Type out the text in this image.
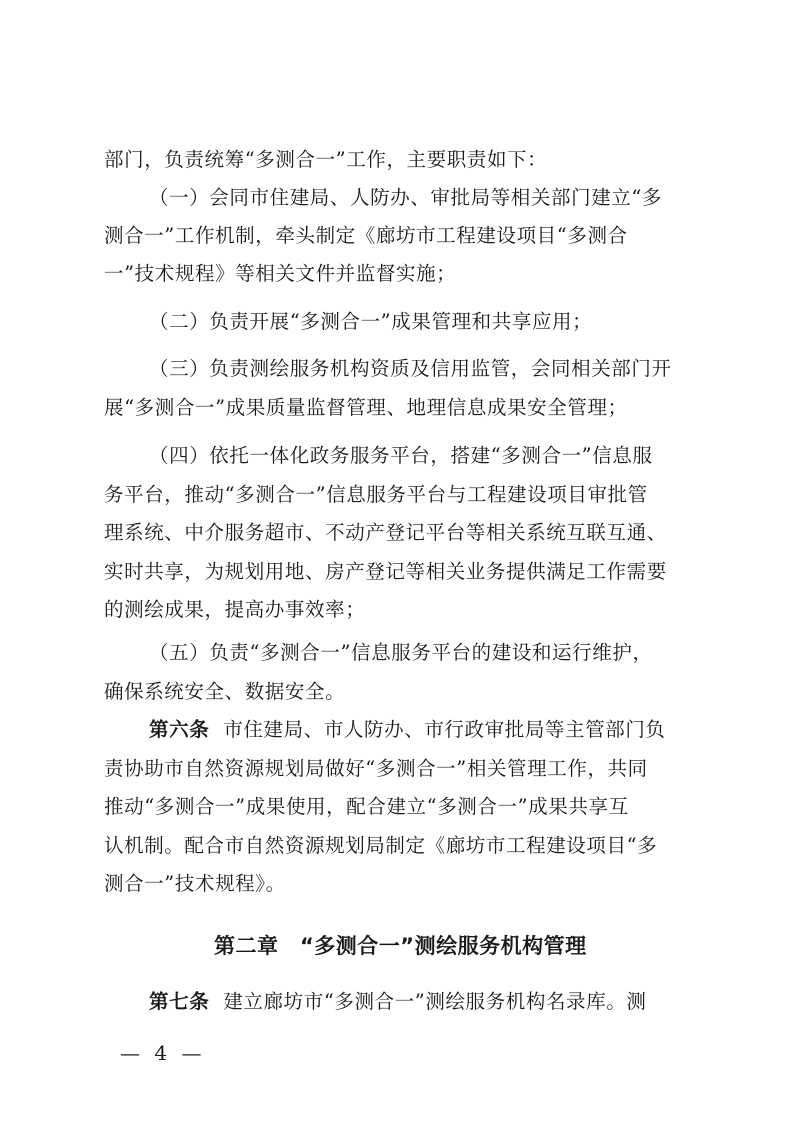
部门，负责统筹“多测合一”工作，主要职责如下：
（一）会同市住建局、人防办、审批局等相关部门建立“多
测合一”工作机制，牵头制定《廊坊市工程建设项目“多测合
一”技术规程》等相关文件并监督实施；
（二）负责开展“多测合一”成果管理和共享应用；
（三）负责测绘服务机构资质及信用监管，会同相关部门开
展“多测合一”成果质量监督管理、地理信息成果安全管理；
（四）依托一体化政务服务平台，搭建“多测合一”信息服
务平台，推动“多测合一”信息服务平台与工程建设项目审批管
理系统、中介服务超市、不动产登记平台等相关系统互联互通、
实时共享，为规划用地、房产登记等相关业务提供满足工作需要
的测绘成果，提高办事效率；
（五）负责“多测合一”信息服务平台的建设和运行维护，
确保系统安全、数据安全。
第六条 市住建局、市人防办、市行政审批局等主管部门负
责协助市自然资源规划局做好“多测合一”相关管理工作，共同
推动“多测合一”成果使用，配合建立“多测合一”成果共享互
认机制。配合市自然资源规划局制定《廊坊市工程建设项目“多
测合一”技术规程》。
第二章　“多测合一”测绘服务机构管理
第七条 建立廊坊市“多测合一”测绘服务机构名录库。测
— 4 —
